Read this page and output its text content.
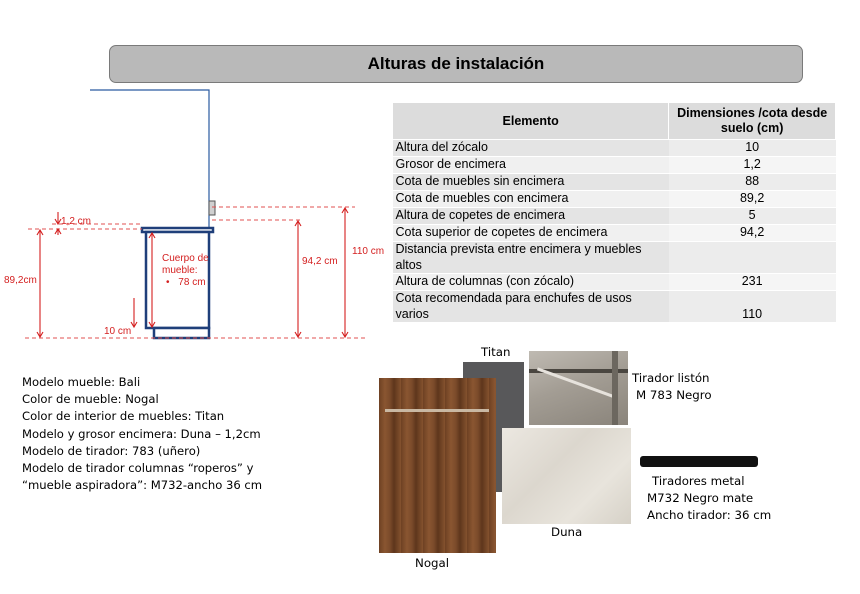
Alturas de instalación
1,2 cm
89,2cm
10 cm
94,2 cm
110 cm
Cuerpo de mueble:
• 78 cm
Elemento	Dimensiones /cota desde suelo (cm)
Altura del zócalo	10
Grosor de encimera	1,2
Cota de muebles sin encimera	88
Cota de muebles con encimera	89,2
Altura de copetes de encimera	5
Cota superior de copetes de encimera	94,2
Distancia prevista entre encimera y muebles altos	
Altura de columnas (con zócalo)	231
Cota recomendada para enchufes de usos varios	110
Modelo mueble: Bali
Color de mueble: Nogal
Color de interior de muebles: Titan
Modelo y grosor encimera: Duna – 1,2cm
Modelo de tirador: 783 (uñero)
Modelo de tirador columnas “roperos” y
“mueble aspiradora”: M732-ancho 36 cm
Titan
Tirador listón
M 783 Negro
Duna
Nogal
Tiradores metal
M732 Negro mate
Ancho tirador: 36 cm
